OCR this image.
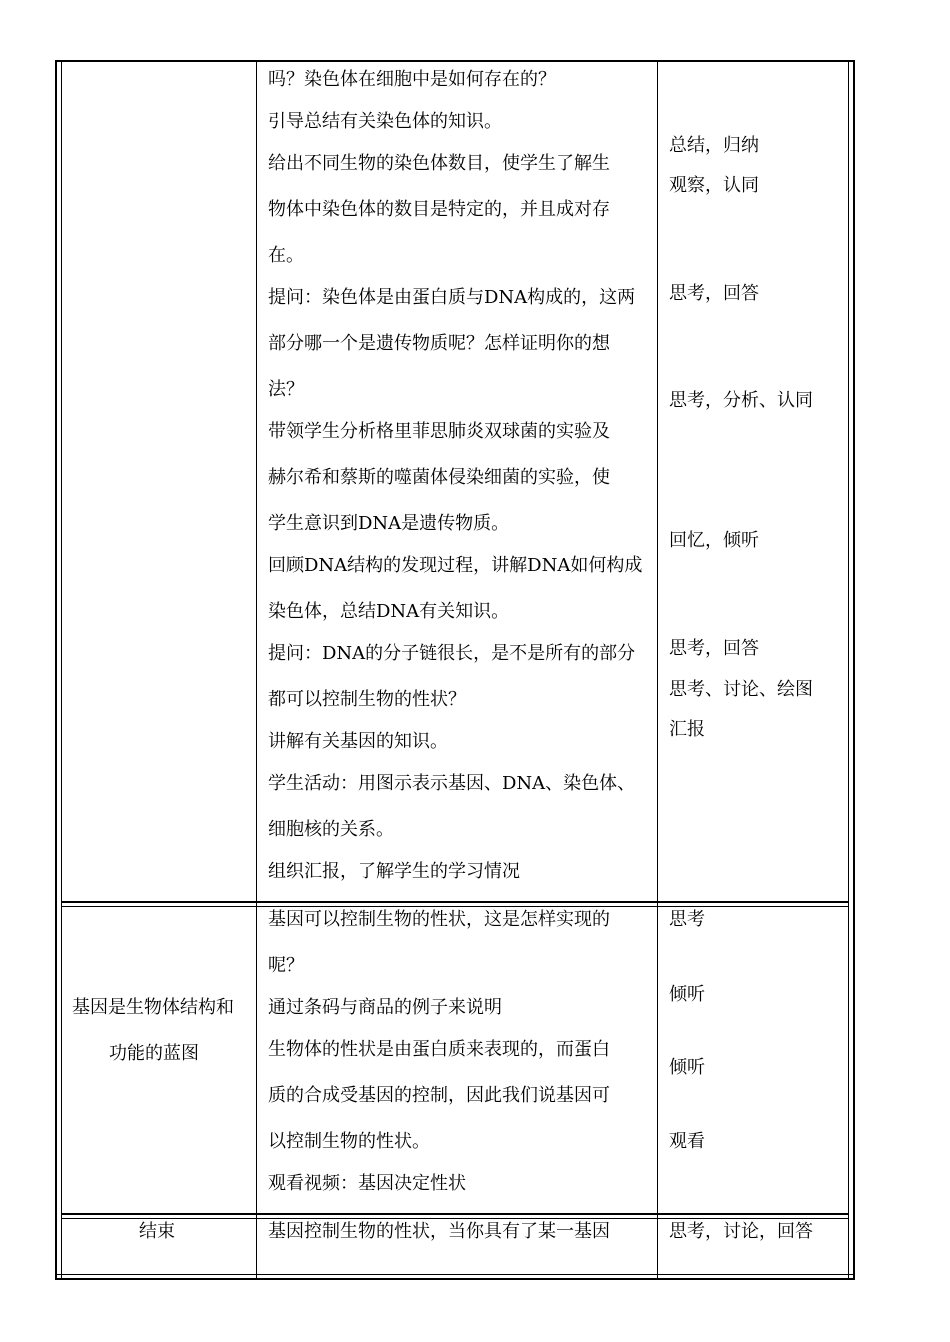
吗？染色体在细胞中是如何存在的？
引导总结有关染色体的知识。
给出不同生物的染色体数目，使学生了解生
物体中染色体的数目是特定的，并且成对存
在。
提问：染色体是由蛋白质与DNA构成的，这两
部分哪一个是遗传物质呢？怎样证明你的想
法？
带领学生分析格里菲思肺炎双球菌的实验及
赫尔希和蔡斯的噬菌体侵染细菌的实验，使
学生意识到DNA是遗传物质。
回顾DNA结构的发现过程，讲解DNA如何构成
染色体，总结DNA有关知识。
提问：DNA的分子链很长，是不是所有的部分
都可以控制生物的性状？
讲解有关基因的知识。
学生活动：用图示表示基因、DNA、染色体、
细胞核的关系。
组织汇报，了解学生的学习情况
总结，归纳
观察，认同
思考，回答
思考，分析、认同
回忆，倾听
思考，回答
思考、讨论、绘图
汇报
基因是生物体结构和
功能的蓝图
基因可以控制生物的性状，这是怎样实现的
呢？
通过条码与商品的例子来说明
生物体的性状是由蛋白质来表现的，而蛋白
质的合成受基因的控制，因此我们说基因可
以控制生物的性状。
观看视频：基因决定性状
思考
倾听
倾听
观看
结束	基因控制生物的性状，当你具有了某一基因	思考，讨论，回答
